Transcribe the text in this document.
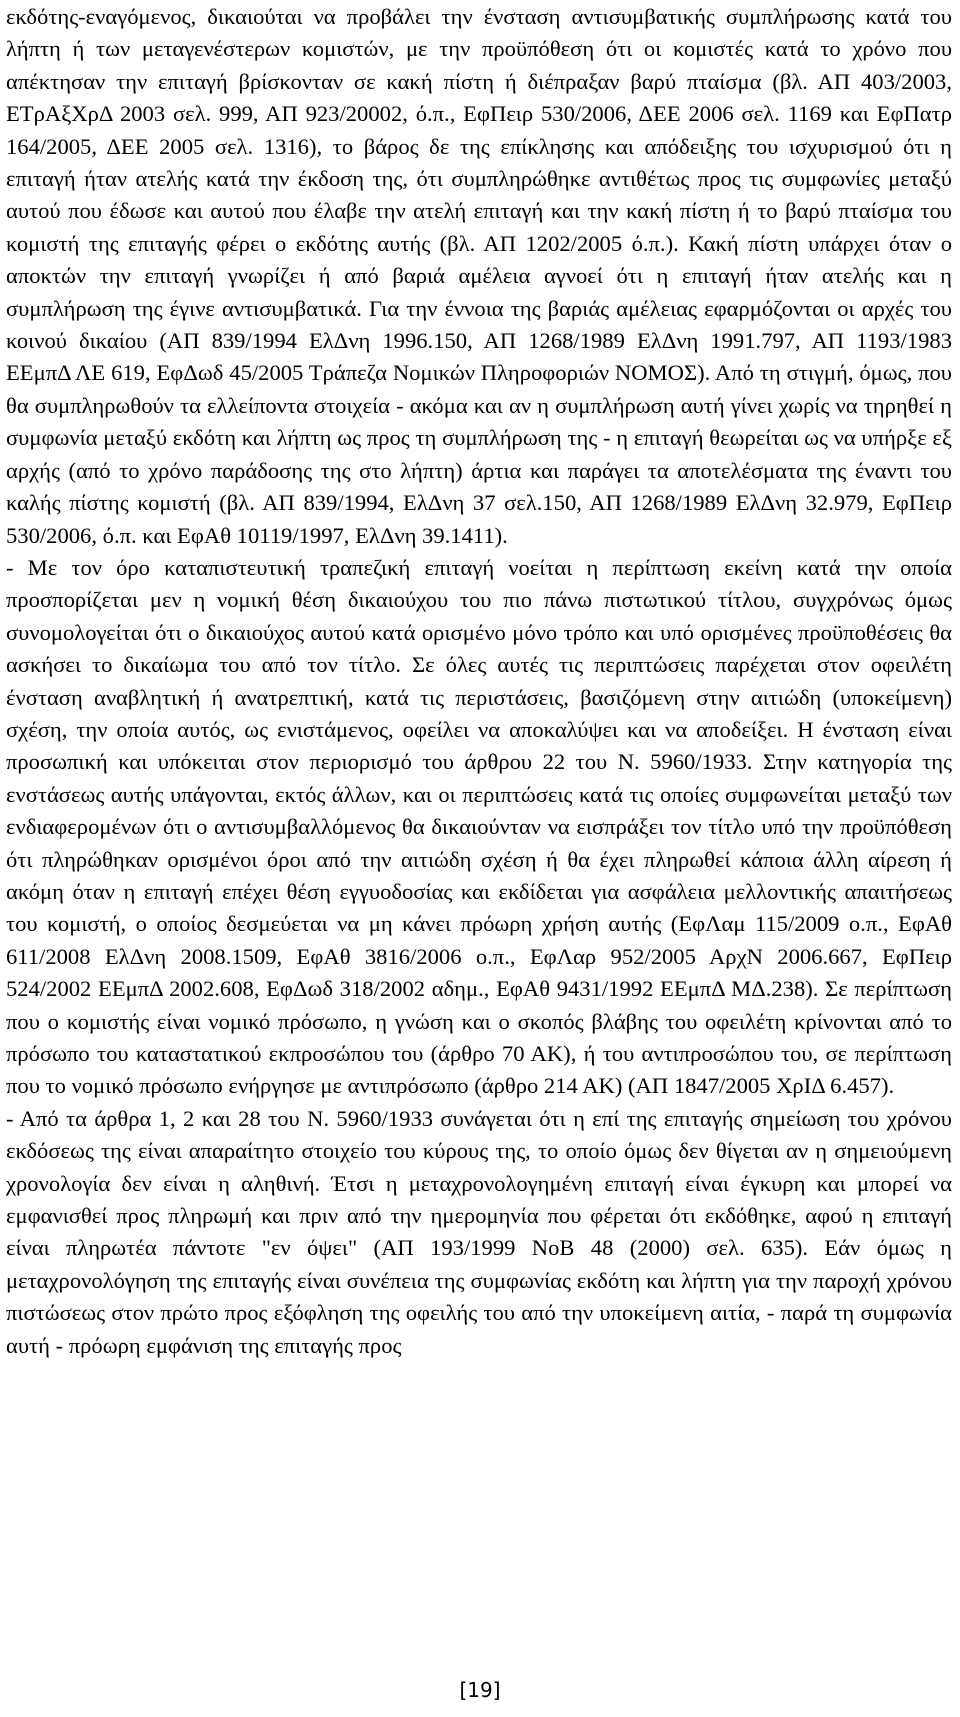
εκδότης-εναγόμενος, δικαιούται να προβάλει την ένσταση αντισυμβατικής συμπλήρωσης κατά του λήπτη ή των μεταγενέστερων κομιστών, με την προϋπόθεση ότι οι κομιστές κατά το χρόνο που απέκτησαν την επιταγή βρίσκονταν σε κακή πίστη ή διέπραξαν βαρύ πταίσμα (βλ. ΑΠ 403/2003, ΕΤρΑξΧρΔ 2003 σελ. 999, ΑΠ 923/20002, ό.π., ΕφΠειρ 530/2006, ΔΕΕ 2006 σελ. 1169 και ΕφΠατρ 164/2005, ΔΕΕ 2005 σελ. 1316), το βάρος δε της επίκλησης και απόδειξης του ισχυρισμού ότι η επιταγή ήταν ατελής κατά την έκδοση της, ότι συμπληρώθηκε αντιθέτως προς τις συμφωνίες μεταξύ αυτού που έδωσε και αυτού που έλαβε την ατελή επιταγή και την κακή πίστη ή το βαρύ πταίσμα του κομιστή της επιταγής φέρει ο εκδότης αυτής (βλ. ΑΠ 1202/2005 ό.π.). Κακή πίστη υπάρχει όταν ο αποκτών την επιταγή γνωρίζει ή από βαριά αμέλεια αγνοεί ότι η επιταγή ήταν ατελής και η συμπλήρωση της έγινε αντισυμβατικά. Για την έννοια της βαριάς αμέλειας εφαρμόζονται οι αρχές του κοινού δικαίου (ΑΠ 839/1994 ΕλΔνη 1996.150, ΑΠ 1268/1989 ΕλΔνη 1991.797, ΑΠ 1193/1983 ΕΕμπΔ ΛΕ 619, ΕφΔωδ 45/2005 Τράπεζα Νομικών Πληροφοριών ΝΟΜΟΣ). Από τη στιγμή, όμως, που θα συμπληρωθούν τα ελλείποντα στοιχεία - ακόμα και αν η συμπλήρωση αυτή γίνει χωρίς να τηρηθεί η συμφωνία μεταξύ εκδότη και λήπτη ως προς τη συμπλήρωση της - η επιταγή θεωρείται ως να υπήρξε εξ αρχής (από το χρόνο παράδοσης της στο λήπτη) άρτια και παράγει τα αποτελέσματα της έναντι του καλής πίστης κομιστή (βλ. ΑΠ 839/1994, ΕλΔνη 37 σελ.150, ΑΠ 1268/1989 ΕλΔνη 32.979, ΕφΠειρ 530/2006, ό.π. και ΕφΑθ 10119/1997, ΕλΔνη 39.1411).

- Με τον όρο καταπιστευτική τραπεζική επιταγή νοείται η περίπτωση εκείνη κατά την οποία προσπορίζεται μεν η νομική θέση δικαιούχου του πιο πάνω πιστωτικού τίτλου, συγχρόνως όμως συνομολογείται ότι ο δικαιούχος αυτού κατά ορισμένο μόνο τρόπο και υπό ορισμένες προϋποθέσεις θα ασκήσει το δικαίωμα του από τον τίτλο. Σε όλες αυτές τις περιπτώσεις παρέχεται στον οφειλέτη ένσταση αναβλητική ή ανατρεπτική, κατά τις περιστάσεις, βασιζόμενη στην αιτιώδη (υποκείμενη) σχέση, την οποία αυτός, ως ενιστάμενος, οφείλει να αποκαλύψει και να αποδείξει. Η ένσταση είναι προσωπική και υπόκειται στον περιορισμό του άρθρου 22 του Ν. 5960/1933. Στην κατηγορία της ενστάσεως αυτής υπάγονται, εκτός άλλων, και οι περιπτώσεις κατά τις οποίες συμφωνείται μεταξύ των ενδιαφερομένων ότι ο αντισυμβαλλόμενος θα δικαιούνταν να εισπράξει τον τίτλο υπό την προϋπόθεση ότι πληρώθηκαν ορισμένοι όροι από την αιτιώδη σχέση ή θα έχει πληρωθεί κάποια άλλη αίρεση ή ακόμη όταν η επιταγή επέχει θέση εγγυοδοσίας και εκδίδεται για ασφάλεια μελλοντικής απαιτήσεως του κομιστή, ο οποίος δεσμεύεται να μη κάνει πρόωρη χρήση αυτής (ΕφΛαμ 115/2009 ο.π., ΕφΑθ 611/2008 ΕλΔνη 2008.1509, ΕφΑθ 3816/2006 ο.π., ΕφΛαρ 952/2005 ΑρχΝ 2006.667, ΕφΠειρ 524/2002 ΕΕμπΔ 2002.608, ΕφΔωδ 318/2002 αδημ., ΕφΑθ 9431/1992 ΕΕμπΔ ΜΔ.238). Σε περίπτωση που ο κομιστής είναι νομικό πρόσωπο, η γνώση και ο σκοπός βλάβης του οφειλέτη κρίνονται από το πρόσωπο του καταστατικού εκπροσώπου του (άρθρο 70 ΑΚ), ή του αντιπροσώπου του, σε περίπτωση που το νομικό πρόσωπο ενήργησε με αντιπρόσωπο (άρθρο 214 ΑΚ) (ΑΠ 1847/2005 ΧρΙΔ 6.457).

- Από τα άρθρα 1, 2 και 28 του Ν. 5960/1933 συνάγεται ότι η επί της επιταγής σημείωση του χρόνου εκδόσεως της είναι απαραίτητο στοιχείο του κύρους της, το οποίο όμως δεν θίγεται αν η σημειούμενη χρονολογία δεν είναι η αληθινή. Έτσι η μεταχρονολογημένη επιταγή είναι έγκυρη και μπορεί να εμφανισθεί προς πληρωμή και πριν από την ημερομηνία που φέρεται ότι εκδόθηκε, αφού η επιταγή είναι πληρωτέα πάντοτε "εν όψει" (ΑΠ 193/1999 ΝοΒ 48 (2000) σελ. 635). Εάν όμως η μεταχρονολόγηση της επιταγής είναι συνέπεια της συμφωνίας εκδότη και λήπτη για την παροχή χρόνου πιστώσεως στον πρώτο προς εξόφληση της οφειλής του από την υποκείμενη αιτία, - παρά τη συμφωνία αυτή - πρόωρη εμφάνιση της επιταγής προς

[19]
